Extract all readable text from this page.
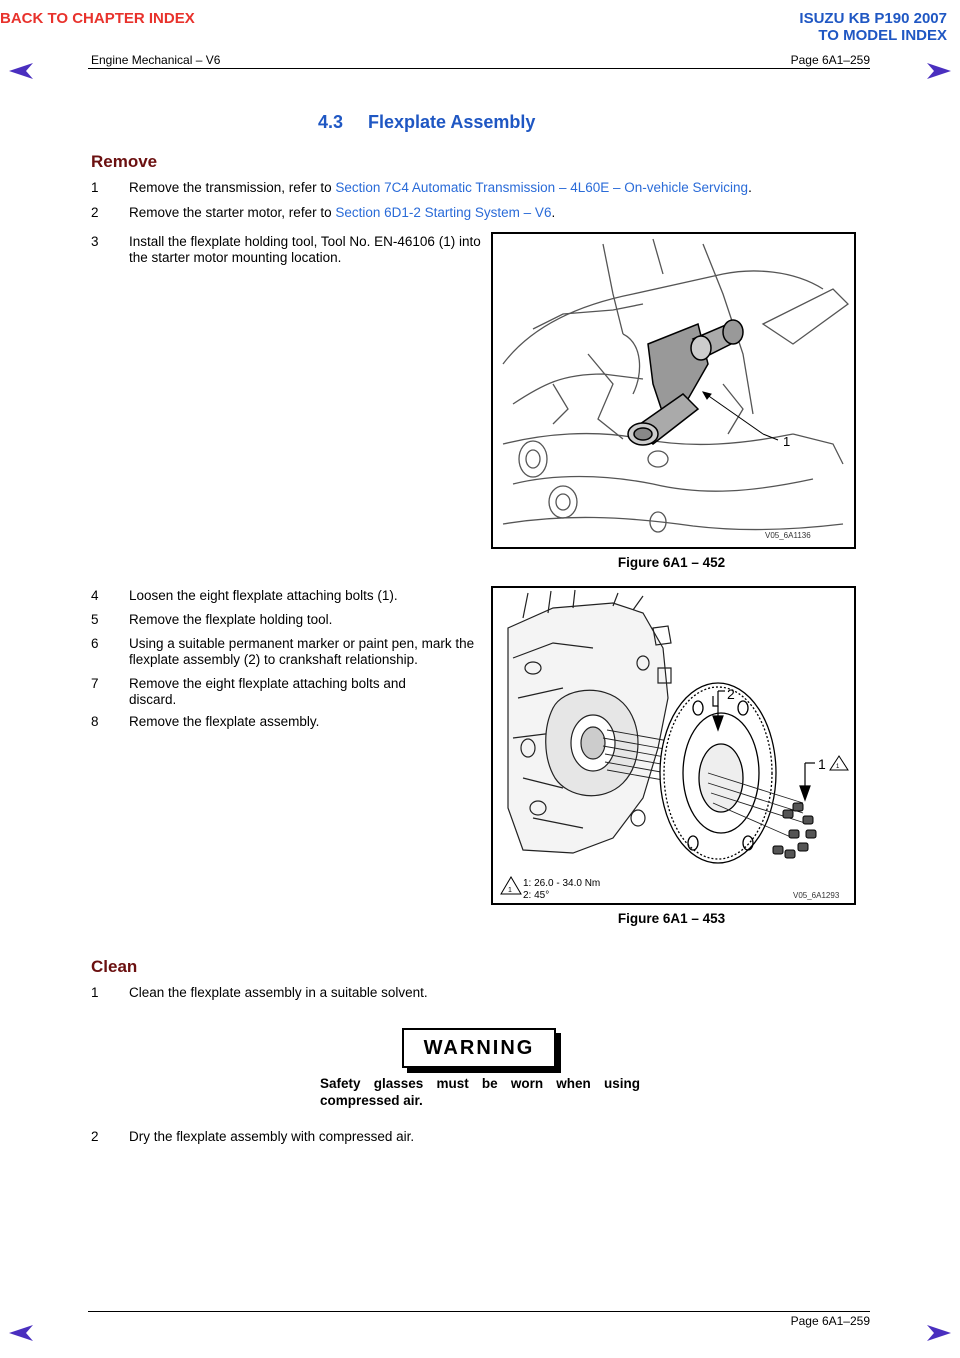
BACK TO CHAPTER INDEX	ISUZU KB P190 2007
TO MODEL INDEX
Engine Mechanical – V6	Page 6A1–259
4.3     Flexplate Assembly
Remove
1 Remove the transmission, refer to Section 7C4 Automatic Transmission – 4L60E – On-vehicle Servicing.
2 Remove the starter motor, refer to Section 6D1-2 Starting System – V6.
3 Install the flexplate holding tool, Tool No. EN-46106 (1) into the starter motor mounting location.
1
V05_6A1136
Figure 6A1 – 452
4 Loosen the eight flexplate attaching bolts (1).
5 Remove the flexplate holding tool.
6 Using a suitable permanent marker or paint pen, mark the flexplate assembly (2) to crankshaft relationship.
7 Remove the eight flexplate attaching bolts and discard.
8 Remove the flexplate assembly.
2
1 1
1
1: 26.0 - 34.0 Nm
2: 45°	V05_6A1293
Figure 6A1 – 453
Clean
1 Clean the flexplate assembly in a suitable solvent.
WARNING
Safety glasses must be worn when using compressed air.
2 Dry the flexplate assembly with compressed air.
Page 6A1–259
